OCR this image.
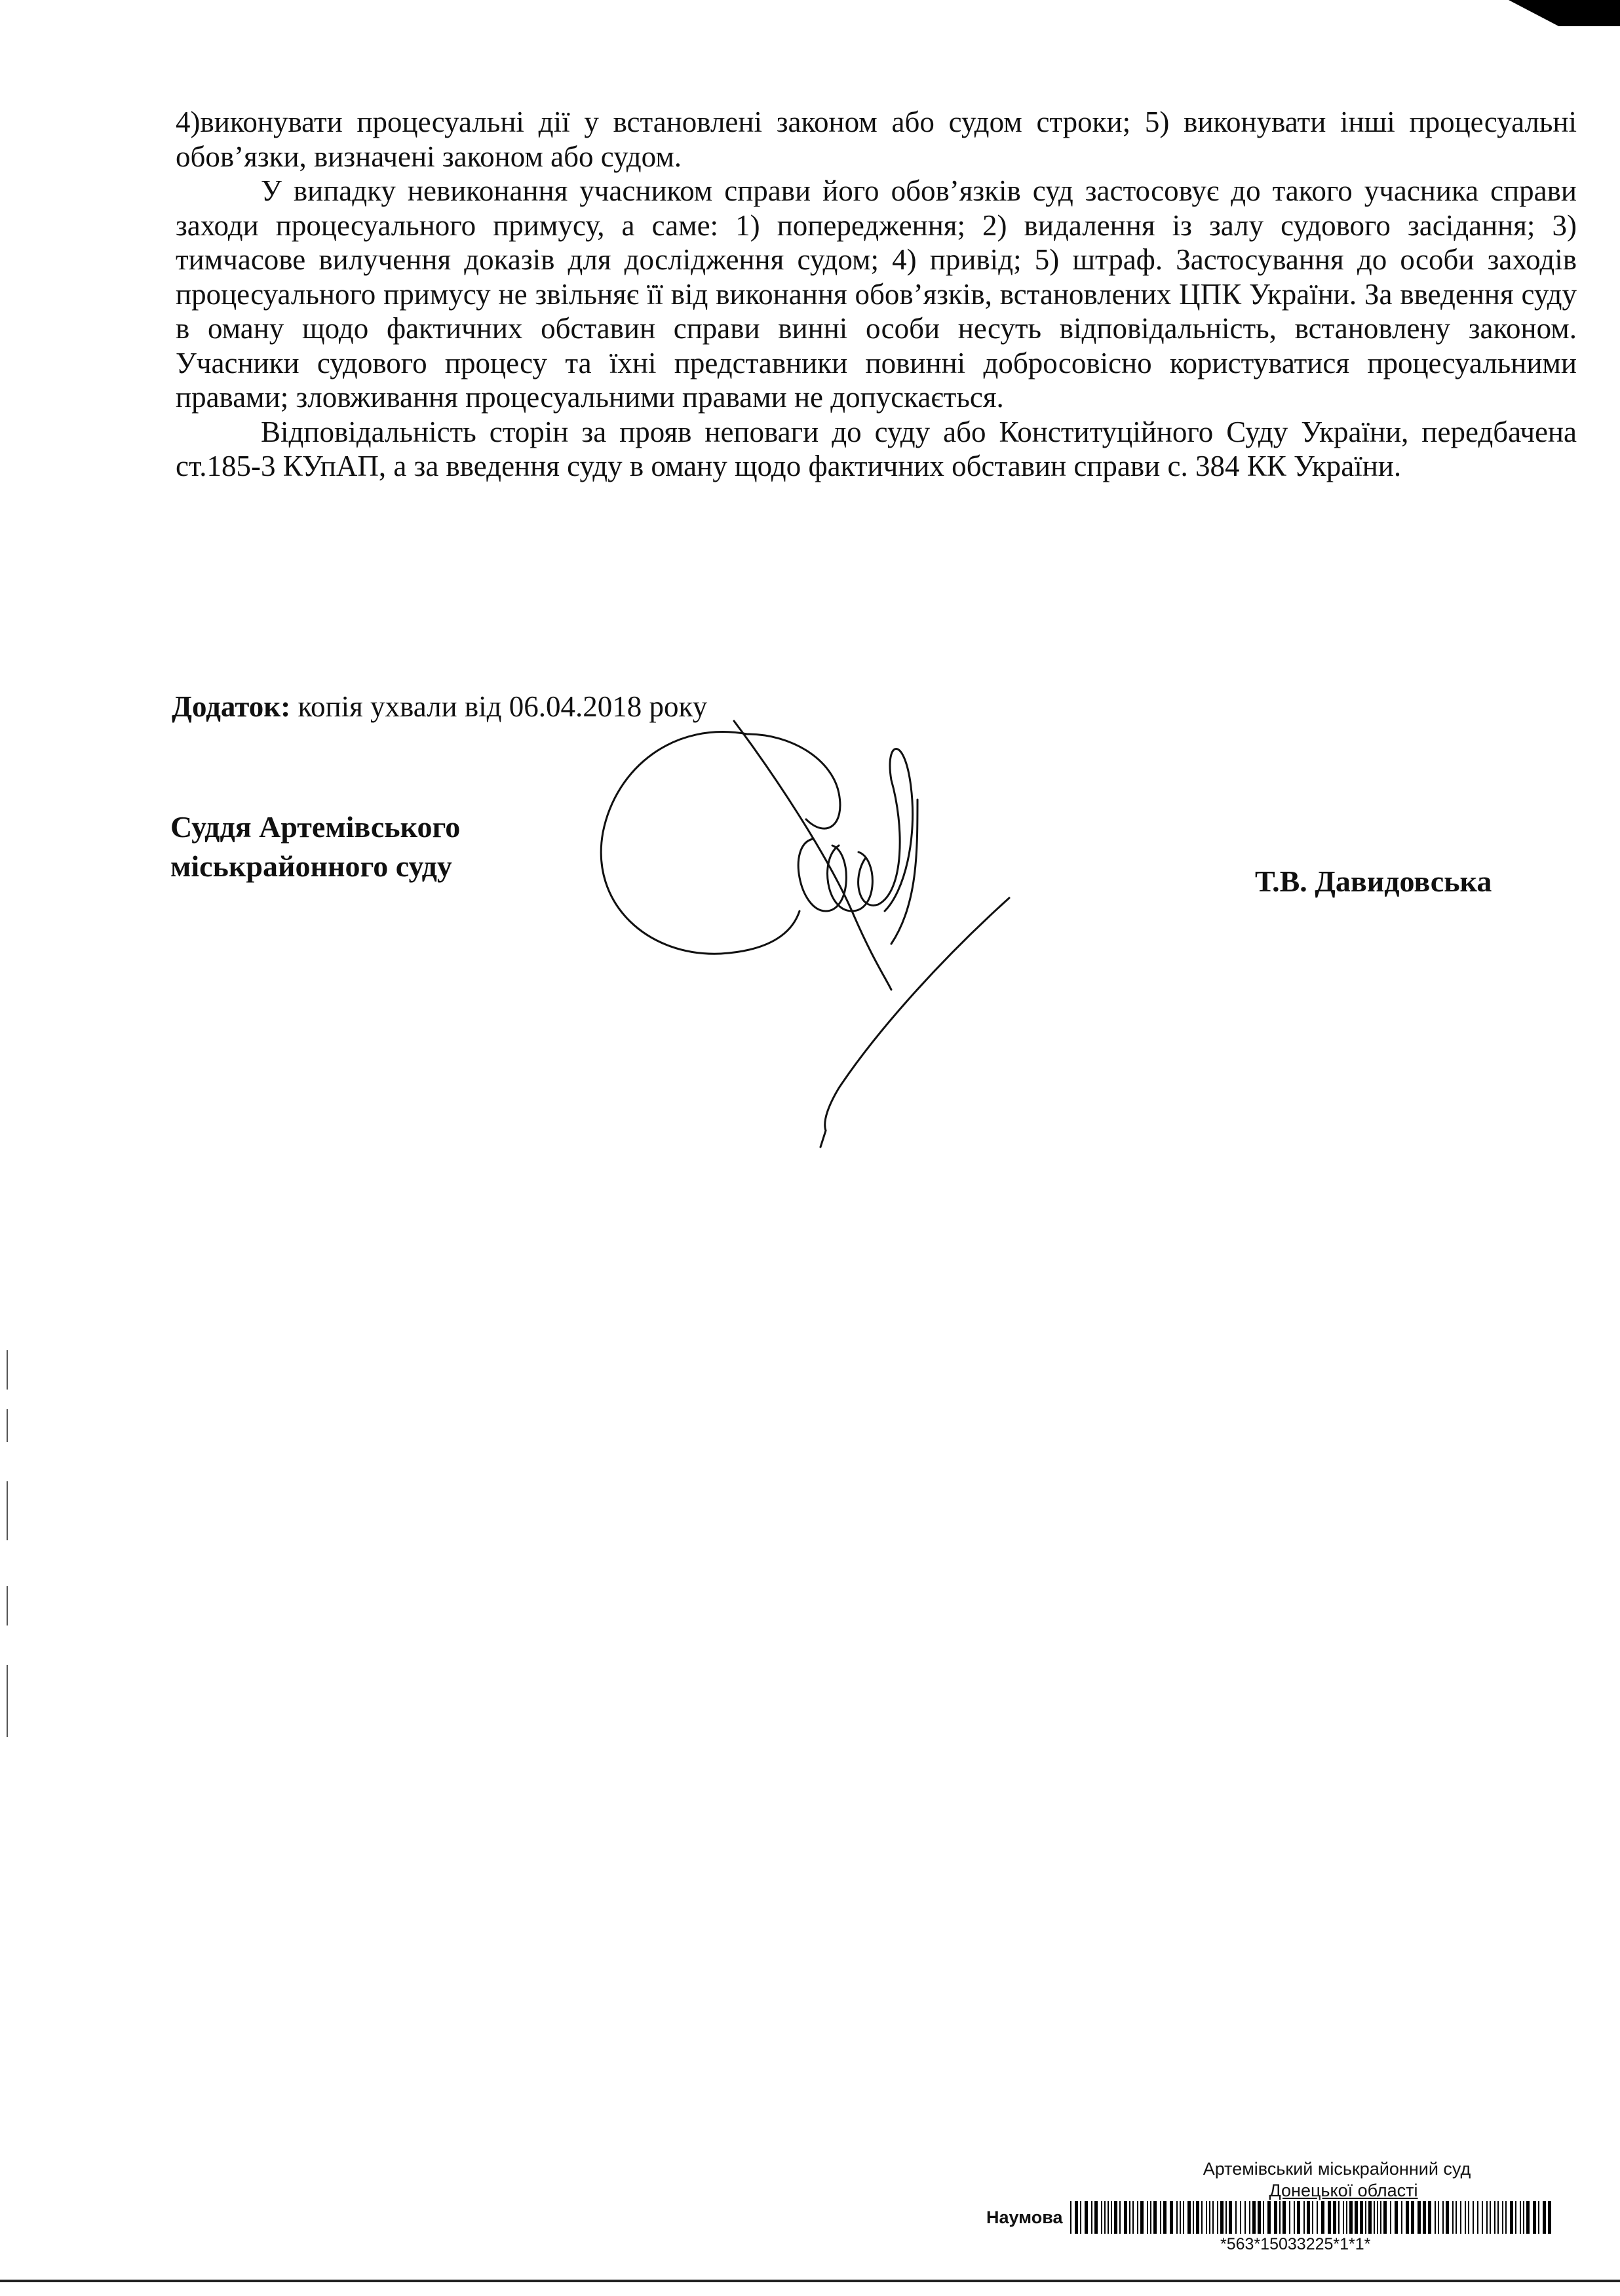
4)виконувати процесуальні дії у встановлені законом або судом строки; 5) виконувати інші процесуальні обов’язки, визначені законом або судом.

У випадку невиконання учасником справи його обов’язків суд застосовує до такого учасника справи заходи процесуального примусу, а саме: 1) попередження; 2) видалення із залу судового засідання; 3) тимчасове вилучення доказів для дослідження судом; 4) привід; 5) штраф. Застосування до особи заходів процесуального примусу не звільняє її від виконання обов’язків, встановлених ЦПК України. За введення суду в оману щодо фактичних обставин справи винні особи несуть відповідальність, встановлену законом. Учасники судового процесу та їхні представники повинні добросовісно користуватися процесуальними правами; зловживання процесуальними правами не допускається.

Відповідальність сторін за прояв неповаги до суду або Конституційного Суду України, передбачена ст.185-3 КУпАП, а за введення суду в оману щодо фактичних обставин справи с. 384 КК України.

Додаток: копія ухвали від 06.04.2018 року
Суддя Артемівського
міськрайонного суду	Т.В. Давидовська
Артемівський міськрайонний суд
Донецької області
Наумова
*563*15033225*1*1*
